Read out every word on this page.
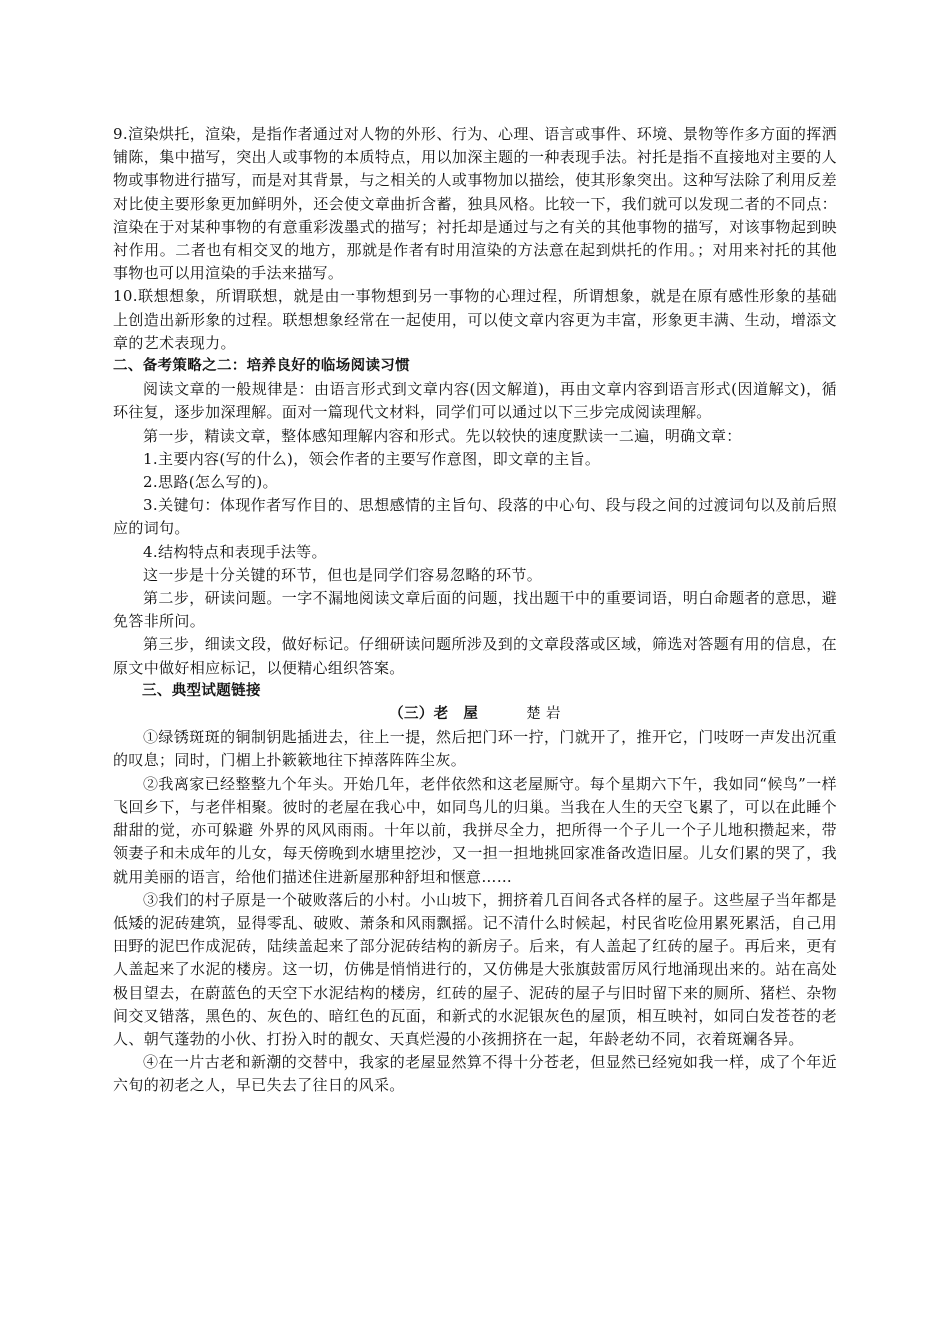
9.渲染烘托，渲染，是指作者通过对人物的外形、行为、心理、语言或事件、环境、景物等作多方面的挥洒铺陈，集中描写，突出人或事物的本质特点，用以加深主题的一种表现手法。衬托是指不直接地对主要的人物或事物进行描写，而是对其背景，与之相关的人或事物加以描绘，使其形象突出。这种写法除了利用反差对比使主要形象更加鲜明外，还会使文章曲折含蓄，独具风格。比较一下，我们就可以发现二者的不同点：渲染在于对某种事物的有意重彩泼墨式的描写；衬托却是通过与之有关的其他事物的描写，对该事物起到映衬作用。二者也有相交叉的地方，那就是作者有时用渲染的方法意在起到烘托的作用。；对用来衬托的其他事物也可以用渲染的手法来描写。

10.联想想象，所谓联想，就是由一事物想到另一事物的心理过程，所谓想象，就是在原有感性形象的基础上创造出新形象的过程。联想想象经常在一起使用，可以使文章内容更为丰富，形象更丰满、生动，增添文章的艺术表现力。

二、备考策略之二：培养良好的临场阅读习惯

阅读文章的一般规律是：由语言形式到文章内容(因文解道)，再由文章内容到语言形式(因道解文)，循环往复，逐步加深理解。面对一篇现代文材料，同学们可以通过以下三步完成阅读理解。

第一步，精读文章，整体感知理解内容和形式。先以较快的速度默读一二遍，明确文章：

1.主要内容(写的什么)，领会作者的主要写作意图，即文章的主旨。

2.思路(怎么写的)。

3.关键句：体现作者写作目的、思想感情的主旨句、段落的中心句、段与段之间的过渡词句以及前后照应的词句。

4.结构特点和表现手法等。

这一步是十分关键的环节，但也是同学们容易忽略的环节。

第二步，研读问题。一字不漏地阅读文章后面的问题，找出题干中的重要词语，明白命题者的意思，避免答非所问。

第三步，细读文段，做好标记。仔细研读问题所涉及到的文章段落或区域，筛选对答题有用的信息，在原文中做好相应标记，以便精心组织答案。

三、典型试题链接

（三）老　屋	楚 岩

①绿锈斑斑的铜制钥匙插进去，往上一提，然后把门环一拧，门就开了，推开它，门吱呀一声发出沉重的叹息；同时，门楣上扑簌簌地往下掉落阵阵尘灰。

②我离家已经整整九个年头。开始几年，老伴依然和这老屋厮守。每个星期六下午，我如同“候鸟”一样飞回乡下，与老伴相聚。彼时的老屋在我心中，如同鸟儿的归巢。当我在人生的天空飞累了，可以在此睡个甜甜的觉，亦可躲避 外界的风风雨雨。十年以前，我拼尽全力，把所得一个子儿一个子儿地积攒起来，带领妻子和未成年的儿女，每天傍晚到水塘里挖沙，又一担一担地挑回家准备改造旧屋。儿女们累的哭了，我就用美丽的语言，给他们描述住进新屋那种舒坦和惬意……

③我们的村子原是一个破败落后的小村。小山坡下，拥挤着几百间各式各样的屋子。这些屋子当年都是低矮的泥砖建筑，显得零乱、破败、萧条和风雨飘摇。记不清什么时候起，村民省吃俭用累死累活，自己用田野的泥巴作成泥砖，陆续盖起来了部分泥砖结构的新房子。后来，有人盖起了红砖的屋子。再后来，更有人盖起来了水泥的楼房。这一切，仿佛是悄悄进行的，又仿佛是大张旗鼓雷厉风行地涌现出来的。站在高处极目望去，在蔚蓝色的天空下水泥结构的楼房，红砖的屋子、泥砖的屋子与旧时留下来的厕所、猪栏、杂物间交叉错落，黑色的、灰色的、暗红色的瓦面，和新式的水泥银灰色的屋顶，相互映衬，如同白发苍苍的老人、朝气蓬勃的小伙、打扮入时的靓女、天真烂漫的小孩拥挤在一起，年龄老幼不同，衣着斑斓各异。

④在一片古老和新潮的交替中，我家的老屋显然算不得十分苍老，但显然已经宛如我一样，成了个年近六旬的初老之人，早已失去了往日的风采。
